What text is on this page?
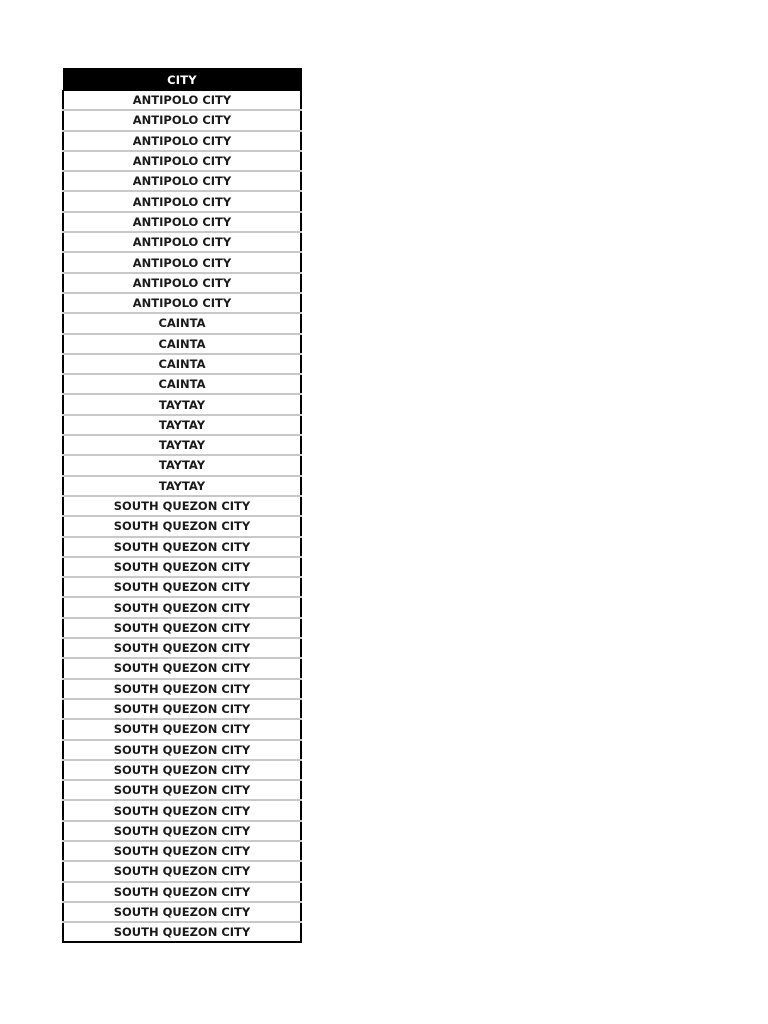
CITY
ANTIPOLO CITY
ANTIPOLO CITY
ANTIPOLO CITY
ANTIPOLO CITY
ANTIPOLO CITY
ANTIPOLO CITY
ANTIPOLO CITY
ANTIPOLO CITY
ANTIPOLO CITY
ANTIPOLO CITY
ANTIPOLO CITY
CAINTA
CAINTA
CAINTA
CAINTA
TAYTAY
TAYTAY
TAYTAY
TAYTAY
TAYTAY
SOUTH QUEZON CITY
SOUTH QUEZON CITY
SOUTH QUEZON CITY
SOUTH QUEZON CITY
SOUTH QUEZON CITY
SOUTH QUEZON CITY
SOUTH QUEZON CITY
SOUTH QUEZON CITY
SOUTH QUEZON CITY
SOUTH QUEZON CITY
SOUTH QUEZON CITY
SOUTH QUEZON CITY
SOUTH QUEZON CITY
SOUTH QUEZON CITY
SOUTH QUEZON CITY
SOUTH QUEZON CITY
SOUTH QUEZON CITY
SOUTH QUEZON CITY
SOUTH QUEZON CITY
SOUTH QUEZON CITY
SOUTH QUEZON CITY
SOUTH QUEZON CITY
